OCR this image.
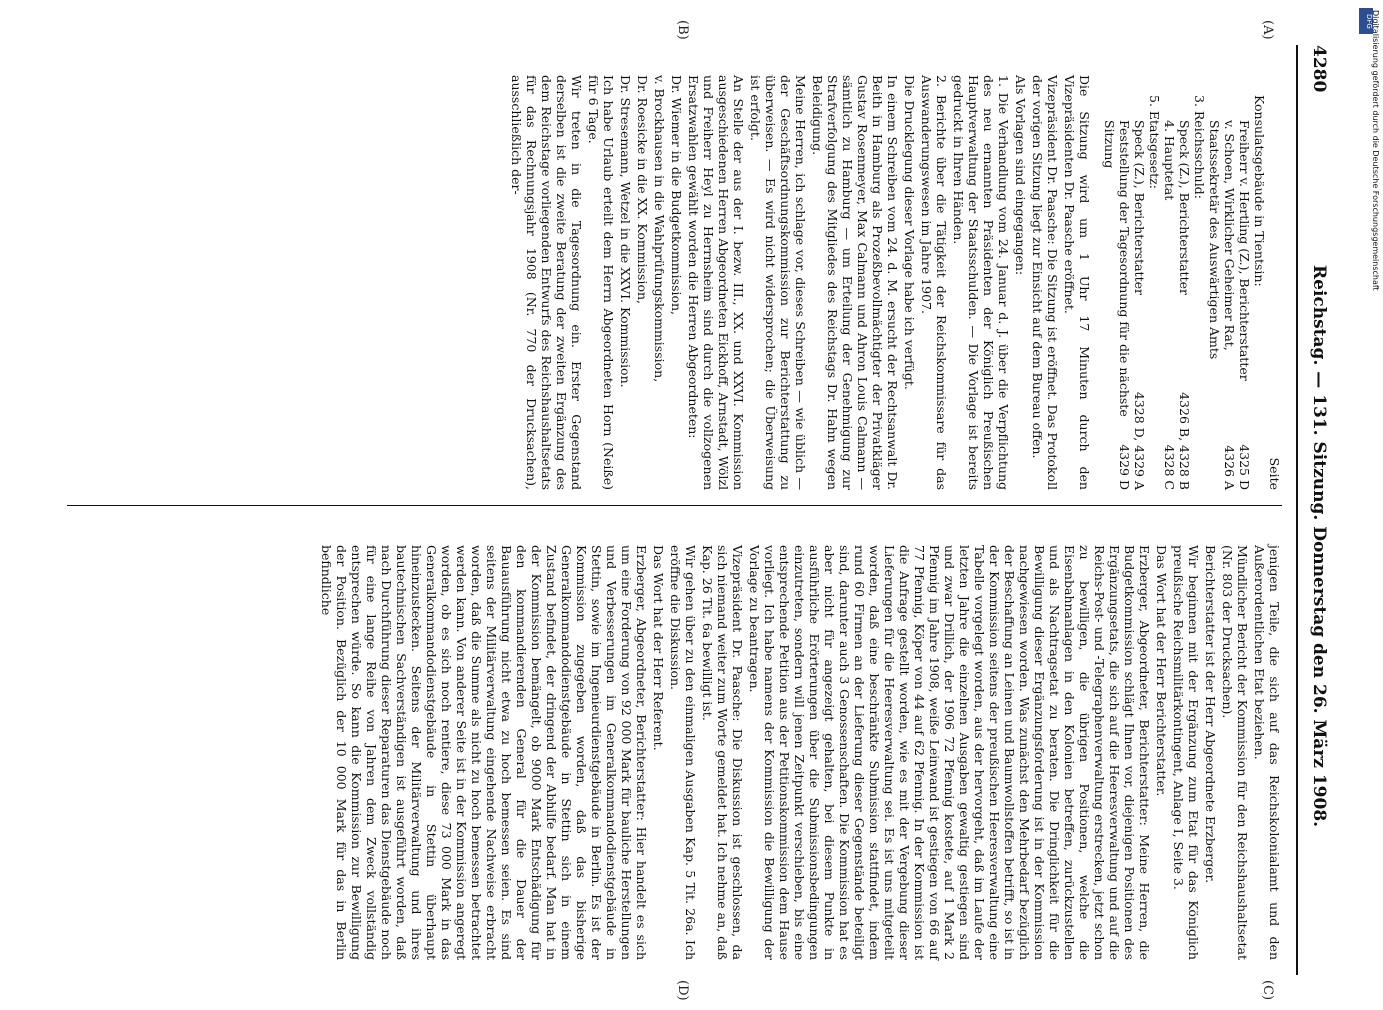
DFG
Digitalisierung gefördert durch die Deutsche Forschungsgemeinschaft
4280
Reichstag. — 131. Sitzung. Donnerstag den 26. März 1908.
(A)
(B)
(C)
(D)
Seite
Konsulatsgebäude in Tientsin:
Freiherr v. Hertling (Z.), Berichterstatter
4325 D
v. Schoen, Wirklicher Geheimer Rat, Staatssekretär des Auswärtigen Amts
4326 A
3. Reichsschuld:
Speck (Z.), Berichterstatter
4326 B, 4328 B
4. Hauptetat
4328 C
5. Etatsgesetz:
Speck (Z.), Berichterstatter
4328 D, 4329 A
Feststellung der Tagesordnung für die nächste Sitzung
4329 D

Die Sitzung wird um 1 Uhr 17 Minuten durch den Vizepräsidenten Dr. Paasche eröffnet.

Vizepräsident Dr. Paasche: Die Sitzung ist eröffnet. Das Protokoll der vorigen Sitzung liegt zur Einsicht auf dem Bureau offen.

Als Vorlagen sind eingegangen:

1. Die Verhandlung vom 24. Januar d. J. über die Verpflichtung des neu ernannten Präsidenten der Königlich Preußischen Hauptverwaltung der Staatsschulden. — Die Vorlage ist bereits gedruckt in Ihren Händen.

2. Berichte über die Tätigkeit der Reichskommissare für das Auswanderungswesen im Jahre 1907.

Die Drucklegung dieser Vorlage habe ich verfügt.

In einem Schreiben vom 24. d. M. ersucht der Rechtsanwalt Dr. Beith in Hamburg als Prozeßbevollmächtigter der Privatkläger Gustav Rosenmeyer, Max Calmann und Ahron Louis Calmann — sämtlich zu Hamburg — um Erteilung der Genehmigung zur Strafverfolgung des Mitgliedes des Reichstags Dr. Hahn wegen Beleidigung.

Meine Herren, ich schlage vor, dieses Schreiben — wie üblich — der Geschäftsordnungskommission zur Berichterstattung zu überweisen. — Es wird nicht widersprochen; die Überweisung ist erfolgt.

An Stelle der aus der I. bezw. III., XX. und XXVI. Kommission ausgeschiedenen Herren Abgeordneten Eickhoff, Arnstadt, Wölzl und Freiherr Heyl zu Herrnsheim sind durch die vollzogenen Ersatzwahlen gewählt worden die Herren Abgeordneten:

Dr. Wiemer in die Budgetkommission,

v. Brockhausen in die Wahlprüfungskommission,

Dr. Roesicke in die XX. Kommission,

Dr. Stresemann, Wetzel in die XXVI. Kommission.

Ich habe Urlaub erteilt dem Herrn Abgeordneten Horn (Neiße) für 6 Tage.

Wir treten in die Tagesordnung ein. Erster Gegenstand derselben ist die zweite Beratung der zweiten Ergänzung des dem Reichstage vorliegenden Entwurfs des Reichshaushaltsetats für das Rechnungsjahr 1908 (Nr. 770 der Drucksachen), ausschließlich der-

jenigen Teile, die sich auf das Reichskolonialamt und den Außerordentlichen Etat beziehen.

Mündlicher Bericht der Kommission für den Reichshaushaltsetat (Nr. 803 der Drucksachen).

Berichterstatter ist der Herr Abgeordnete Erzberger.

Wir beginnen mit der Ergänzung zum Etat für das Königlich preußische Reichsmilitärkontingent, Anlage I, Seite 3.

Das Wort hat der Herr Berichterstatter.

Erzberger, Abgeordneter, Berichterstatter: Meine Herren, die Budgetkommission schlägt Ihnen vor, diejenigen Positionen des Ergänzungsetats, die sich auf die Heeresverwaltung und auf die Reichs-Post- und -Telegraphenverwaltung erstrecken, jetzt schon zu bewilligen, die übrigen Positionen, welche die Eisenbahnanlagen in den Kolonien betreffen, zurückzustellen und als Nachtragsetat zu beraten. Die Dringlichkeit für die Bewilligung dieser Ergänzungsforderung ist in der Kommission nachgewiesen worden. Was zunächst den Mehrbedarf bezüglich der Beschaffung an Leinen und Baumwollstoffen betrifft, so ist in der Kommission seitens der preußischen Heeresverwaltung eine Tabelle vorgelegt worden, aus der hervorgeht, daß im Laufe der letzten Jahre die einzelnen Ausgaben gewaltig gestiegen sind und zwar Drillich, der 1906 72 Pfennig kostete, auf 1 Mark 2 Pfennig im Jahre 1908, weiße Leinwand ist gestiegen von 66 auf 77 Pfennig, Köper von 44 auf 62 Pfennig. In der Kommission ist die Anfrage gestellt worden, wie es mit der Vergebung dieser Lieferungen für die Heeresverwaltung sei. Es ist uns mitgeteilt worden, daß eine beschränkte Submission stattfindet, indem rund 60 Firmen an der Lieferung dieser Gegenstände beteiligt sind, darunter auch 3 Genossenschaften. Die Kommission hat es aber nicht für angezeigt gehalten, bei diesem Punkte in ausführliche Erörterungen über die Submissionsbedingungen einzutreten, sondern will jenen Zeitpunkt verschieben, bis eine entsprechende Petition aus der Petitionskommission dem Hause vorliegt. Ich habe namens der Kommission die Bewilligung der Vorlage zu beantragen.

Vizepräsident Dr. Paasche: Die Diskussion ist geschlossen, da sich niemand weiter zum Worte gemeldet hat. Ich nehme an, daß Kap. 26 Tit. 6a bewilligt ist.

Wir gehen über zu den einmaligen Ausgaben Kap. 5 Tit. 26a. Ich eröffne die Diskussion.

Das Wort hat der Herr Referent.

Erzberger, Abgeordneter, Berichterstatter: Hier handelt es sich um eine Forderung von 92 000 Mark für bauliche Herstellungen und Verbesserungen im Generalkommandodienstgebäude in Stettin, sowie im Ingenieurdienstgebäude in Berlin. Es ist der Kommission zugegeben worden, daß das bisherige Generalkommandodienstgebäude in Stettin sich in einem Zustand befindet, der dringend der Abhilfe bedarf. Man hat in der Kommission bemängelt, ob 9000 Mark Entschädigung für den kommandierenden General für die Dauer der Bauausführung nicht etwa zu hoch bemessen seien. Es sind seitens der Militärverwaltung eingehende Nachweise erbracht worden, daß die Summe als nicht zu hoch bemessen betrachtet werden kann. Von anderer Seite ist in der Kommission angeregt worden, ob es sich noch rentiere, diese 73 000 Mark in das Generalkommandodienstgebäude in Stettin überhaupt hineinzustecken. Seitens der Militärverwaltung und ihres bautechnischen Sachverständigen ist ausgeführt worden, daß nach Durchführung dieser Reparaturen das Dienstgebäude noch für eine lange Reihe von Jahren dem Zweck vollständig entsprechen würde. So kann die Kommission zur Bewilligung der Position. Bezüglich der 10 000 Mark für das in Berlin befindliche
